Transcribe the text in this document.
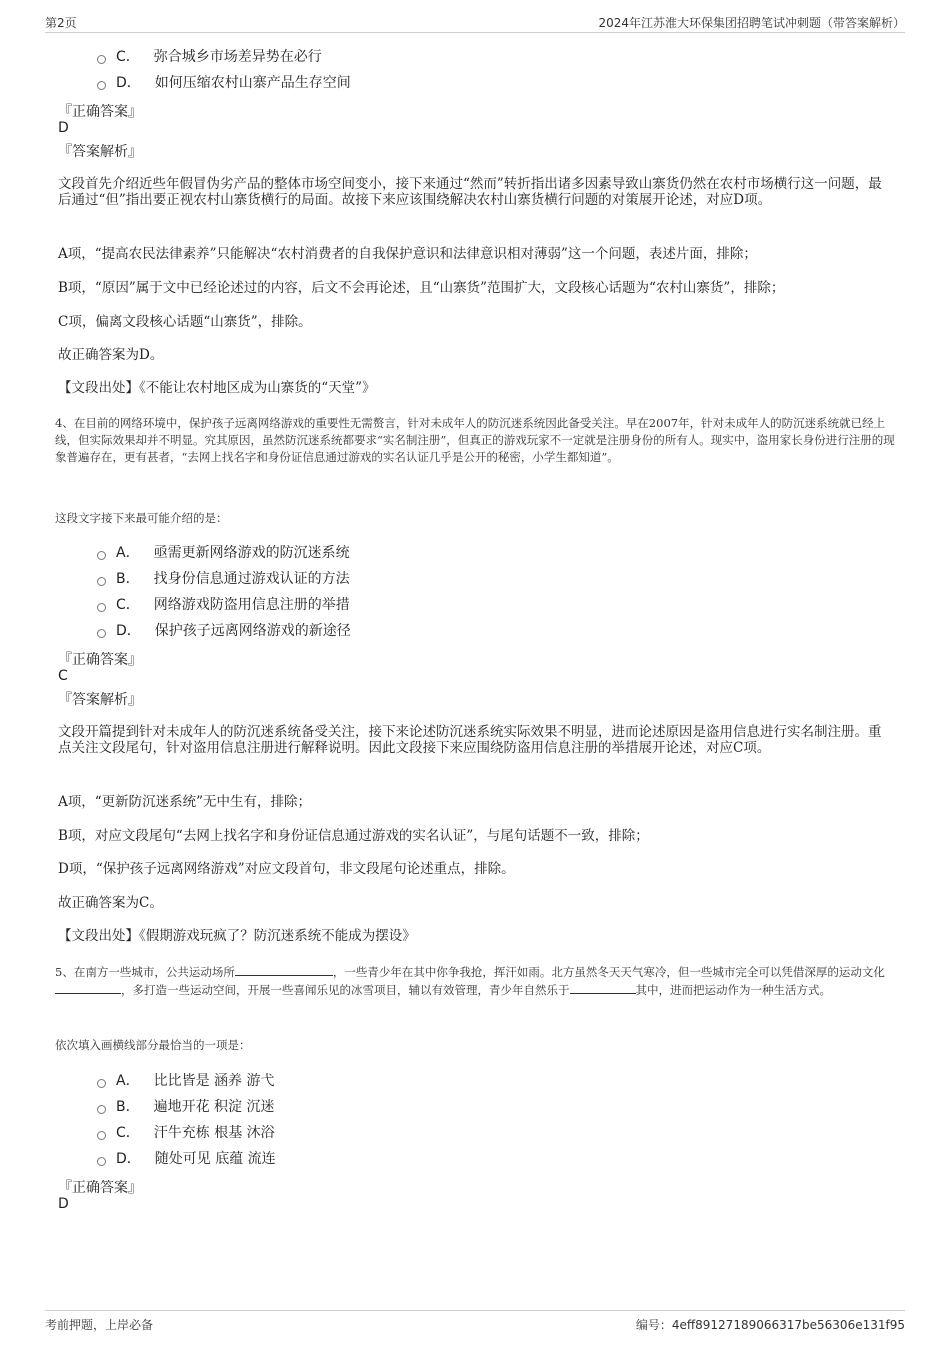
第2页	2024年江苏淮大环保集团招聘笔试冲刺题（带答案解析）
C． 弥合城乡市场差异势在必行
D． 如何压缩农村山寨产品生存空间
『正确答案』
D
『答案解析』
文段首先介绍近些年假冒伪劣产品的整体市场空间变小，接下来通过“然而”转折指出诸多因素导致山寨货仍然在农村市场横行这一问题，最后通过“但”指出要正视农村山寨货横行的局面。故接下来应该围绕解决农村山寨货横行问题的对策展开论述，对应D项。
A项，“提高农民法律素养”只能解决“农村消费者的自我保护意识和法律意识相对薄弱”这一个问题，表述片面，排除；
B项，“原因”属于文中已经论述过的内容，后文不会再论述，且“山寨货”范围扩大，文段核心话题为“农村山寨货”，排除；
C项，偏离文段核心话题“山寨货”，排除。
故正确答案为D。
【文段出处】《不能让农村地区成为山寨货的“天堂”》
4、在目前的网络环境中，保护孩子远离网络游戏的重要性无需赘言，针对未成年人的防沉迷系统因此备受关注。早在2007年，针对未成年人的防沉迷系统就已经上线，但实际效果却并不明显。究其原因，虽然防沉迷系统都要求“实名制注册”，但真正的游戏玩家不一定就是注册身份的所有人。现实中，盗用家长身份进行注册的现象普遍存在，更有甚者，“去网上找名字和身份证信息通过游戏的实名认证几乎是公开的秘密，小学生都知道”。
这段文字接下来最可能介绍的是：
A． 亟需更新网络游戏的防沉迷系统
B． 找身份信息通过游戏认证的方法
C． 网络游戏防盗用信息注册的举措
D． 保护孩子远离网络游戏的新途径
『正确答案』
C
『答案解析』
文段开篇提到针对未成年人的防沉迷系统备受关注，接下来论述防沉迷系统实际效果不明显，进而论述原因是盗用信息进行实名制注册。重点关注文段尾句，针对盗用信息注册进行解释说明。因此文段接下来应围绕防盗用信息注册的举措展开论述，对应C项。
A项，“更新防沉迷系统”无中生有，排除；
B项，对应文段尾句“去网上找名字和身份证信息通过游戏的实名认证”，与尾句话题不一致，排除；
D项，“保护孩子远离网络游戏”对应文段首句，非文段尾句论述重点，排除。
故正确答案为C。
【文段出处】《假期游戏玩疯了？防沉迷系统不能成为摆设》
5、在南方一些城市，公共运动场所	，一些青少年在其中你争我抢，挥汗如雨。北方虽然冬天天气寒冷，但一些城市完全可以凭借深厚的运动文化，多打造一些运动空间，开展一些喜闻乐见的冰雪项目，辅以有效管理，青少年自然乐于	其中，进而把运动作为一种生活方式。
依次填入画横线部分最恰当的一项是：
A． 比比皆是 涵养 游弋
B． 遍地开花 积淀 沉迷
C． 汗牛充栋 根基 沐浴
D． 随处可见 底蕴 流连
『正确答案』
D
考前押题，上岸必备	编号：4eff89127189066317be56306e131f95
